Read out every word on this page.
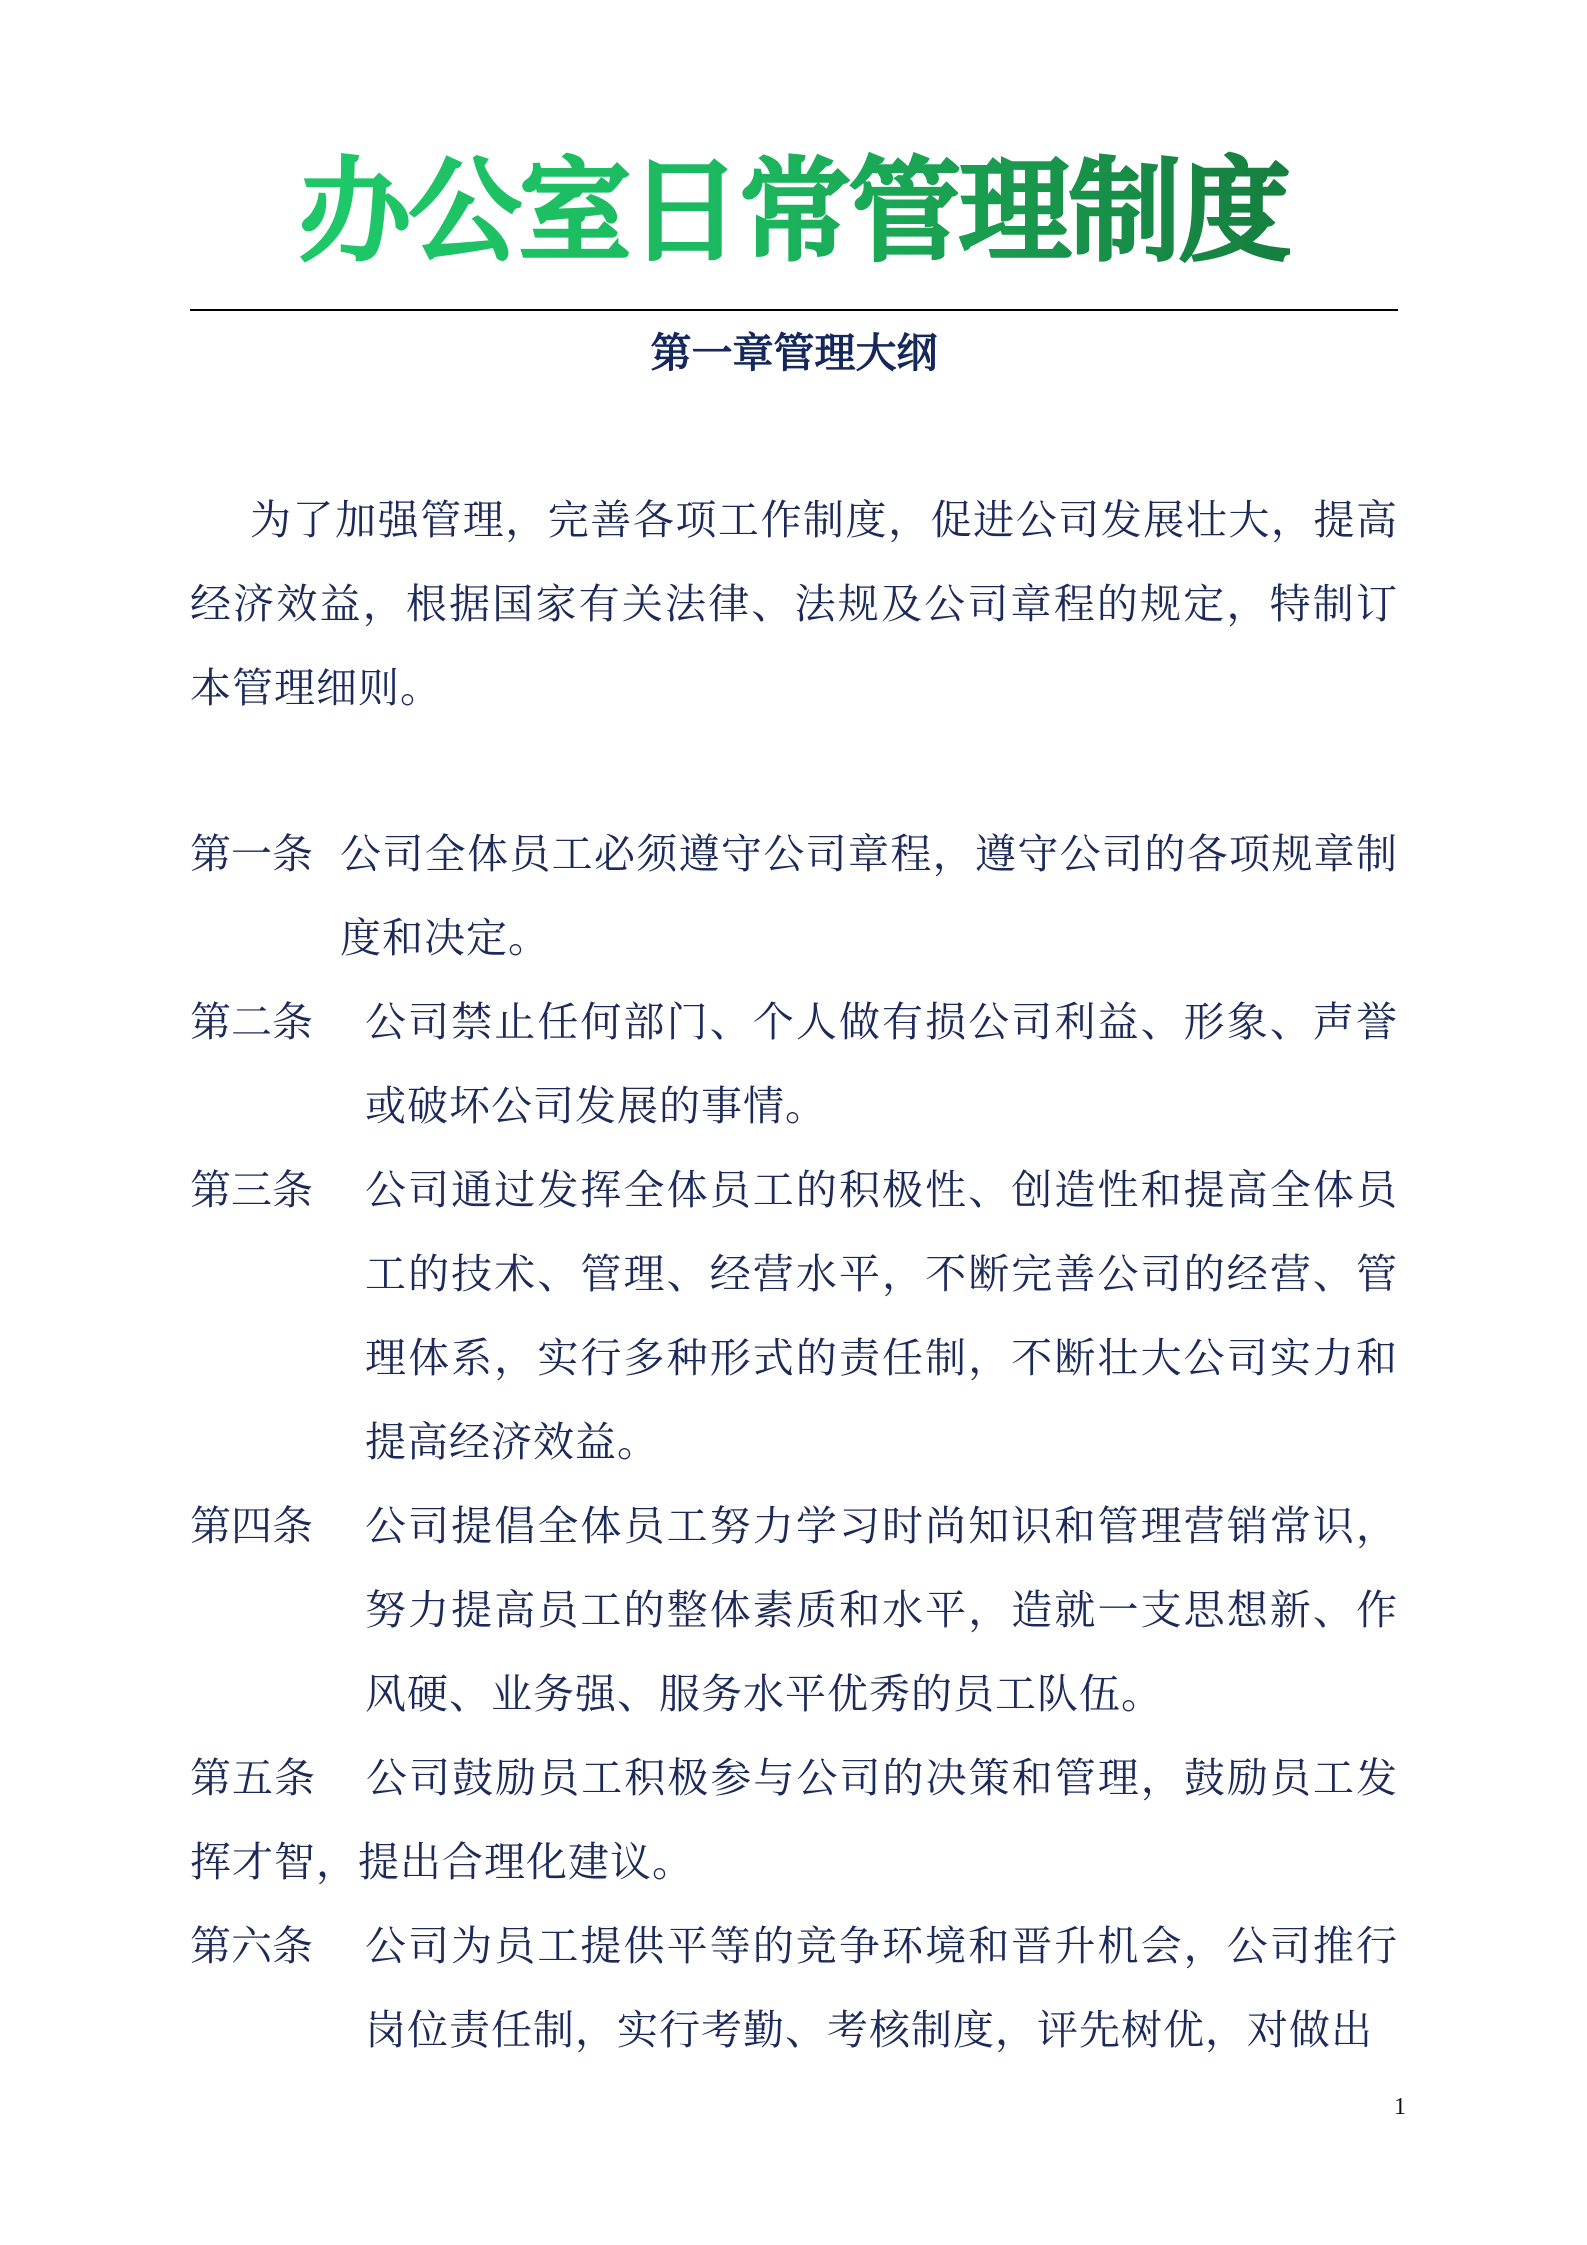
办公室日常管理制度
第一章管理大纲

为了加强管理，完善各项工作制度，促进公司发展壮大，提高经济效益，根据国家有关法律、法规及公司章程的规定，特制订本管理细则。

第一条 公司全体员工必须遵守公司章程，遵守公司的各项规章制度和决定。
第二条	公司禁止任何部门、个人做有损公司利益、形象、声誉或破坏公司发展的事情。
第三条	公司通过发挥全体员工的积极性、创造性和提高全体员工的技术、管理、经营水平，不断完善公司的经营、管理体系，实行多种形式的责任制，不断壮大公司实力和提高经济效益。
第四条	公司提倡全体员工努力学习时尚知识和管理营销常识，努力提高员工的整体素质和水平，造就一支思想新、作风硬、业务强、服务水平优秀的员工队伍。
第五条 公司鼓励员工积极参与公司的决策和管理，鼓励员工发挥才智，提出合理化建议。
第六条	公司为员工提供平等的竞争环境和晋升机会，公司推行岗位责任制，实行考勤、考核制度，评先树优，对做出
1
